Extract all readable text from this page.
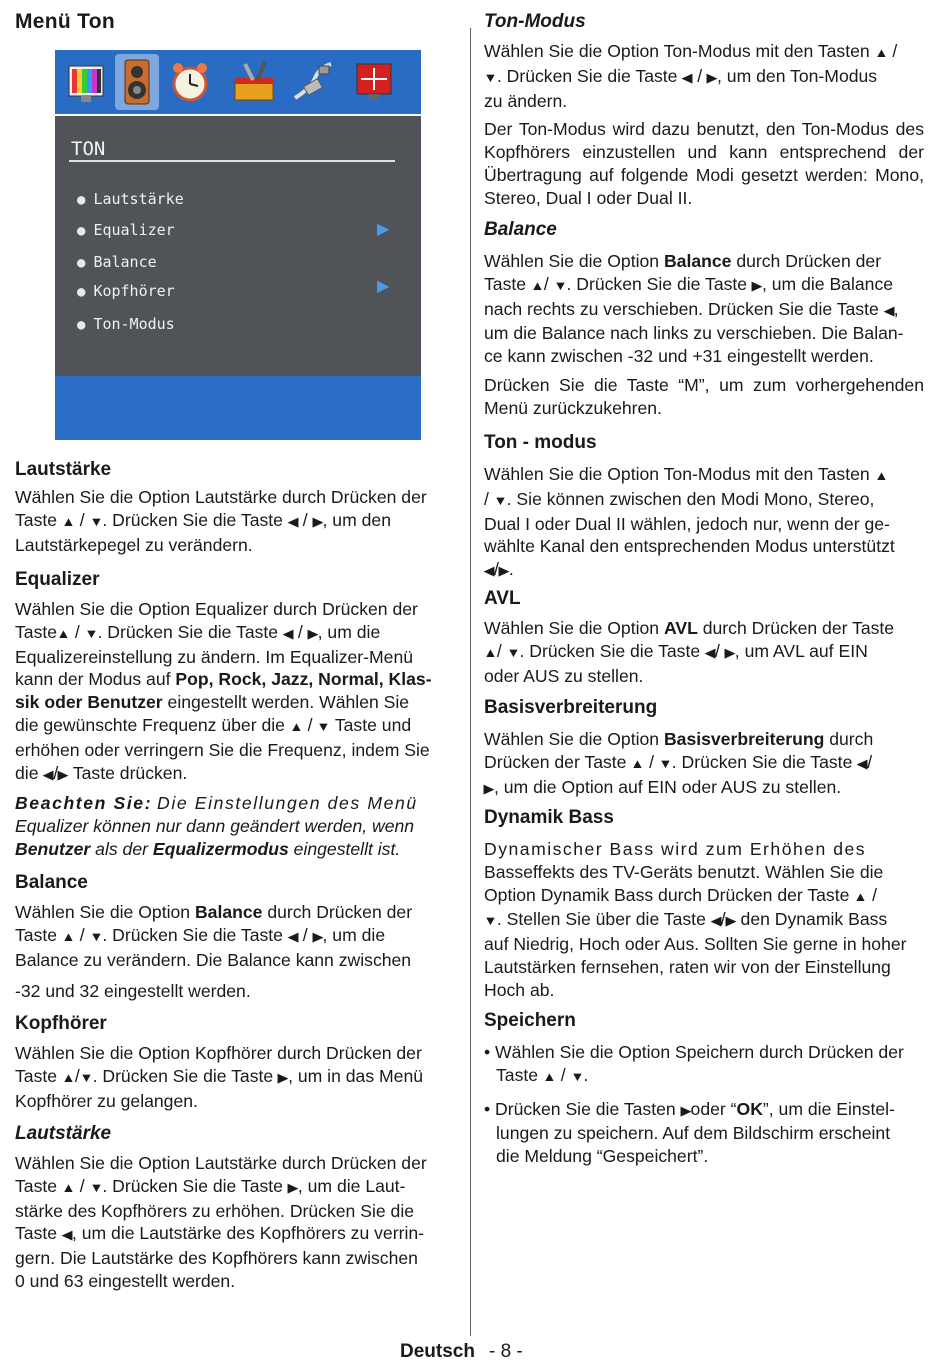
Menü Ton
TON
● Lautstärke
● Equalizer	▶
● Balance
● Kopfhörer	▶
● Ton-Modus
Lautstärke

Wählen Sie die Option Lautstärke durch Drücken der
Taste ▲ / ▼. Drücken Sie die Taste ◀ / ▶, um den
Lautstärkepegel zu verändern.

Equalizer

Wählen Sie die Option Equalizer durch Drücken der
Taste▲ / ▼. Drücken Sie die Taste ◀ / ▶, um die
Equalizereinstellung zu ändern. Im Equalizer-Menü
kann der Modus auf Pop, Rock, Jazz, Normal, Klas-
sik oder Benutzer eingestellt werden. Wählen Sie
die gewünschte Frequenz über die ▲ / ▼ Taste und
erhöhen oder verringern Sie die Frequenz, indem Sie
die ◀/▶ Taste drücken.

Beachten Sie: Die Einstellungen des Menü
Equalizer können nur dann geändert werden, wenn
Benutzer als der Equalizermodus eingestellt ist.

Balance

Wählen Sie die Option Balance durch Drücken der
Taste ▲ / ▼. Drücken Sie die Taste ◀ / ▶, um die
Balance zu verändern. Die Balance kann zwischen

-32 und 32 eingestellt werden.

Kopfhörer

Wählen Sie die Option Kopfhörer durch Drücken der
Taste ▲/▼. Drücken Sie die Taste ▶, um in das Menü
Kopfhörer zu gelangen.

Lautstärke

Wählen Sie die Option Lautstärke durch Drücken der
Taste ▲ / ▼. Drücken Sie die Taste ▶, um die Laut-
stärke des Kopfhörers zu erhöhen. Drücken Sie die
Taste ◀, um die Lautstärke des Kopfhörers zu verrin-
gern. Die Lautstärke des Kopfhörers kann zwischen
0 und 63 eingestellt werden.

Ton-Modus

Wählen Sie die Option Ton-Modus mit den Tasten ▲ /
▼. Drücken Sie die Taste ◀ / ▶, um den Ton-Modus
zu ändern.

Der Ton-Modus wird dazu benutzt, den Ton-Modus des Kopfhörers einzustellen und kann entsprechend der Übertragung auf folgende Modi gesetzt werden: Mono, Stereo, Dual I oder Dual II.

Balance

Wählen Sie die Option Balance durch Drücken der
Taste ▲/ ▼. Drücken Sie die Taste ▶, um die Balance
nach rechts zu verschieben. Drücken Sie die Taste ◀,
um die Balance nach links zu verschieben. Die Balan-
ce kann zwischen -32 und +31 eingestellt werden.

Drücken Sie die Taste “M”, um zum vorhergehenden Menü zurückzukehren.

Ton - modus

Wählen Sie die Option Ton-Modus mit den Tasten ▲
/ ▼. Sie können zwischen den Modi Mono, Stereo,
Dual I oder Dual II wählen, jedoch nur, wenn der ge-
wählte Kanal den entsprechenden Modus unterstützt
◀/▶.

AVL

Wählen Sie die Option AVL durch Drücken der Taste
▲/ ▼. Drücken Sie die Taste ◀/ ▶, um AVL auf EIN
oder AUS zu stellen.

Basisverbreiterung

Wählen Sie die Option Basisverbreiterung durch
Drücken der Taste ▲ / ▼. Drücken Sie die Taste ◀/
▶, um die Option auf EIN oder AUS zu stellen.

Dynamik Bass

Dynamischer Bass wird zum Erhöhen des
Basseffekts des TV-Geräts benutzt. Wählen Sie die
Option Dynamik Bass durch Drücken der Taste ▲ /
▼. Stellen Sie über die Taste ◀/▶ den Dynamik Bass
auf Niedrig, Hoch oder Aus. Sollten Sie gerne in hoher
Lautstärken fernsehen, raten wir von der Einstellung
Hoch ab.

Speichern

• Wählen Sie die Option Speichern durch Drücken der
Taste ▲ / ▼.

• Drücken Sie die Tasten ▶oder “OK”, um die Einstel-
lungen zu speichern. Auf dem Bildschirm erscheint
die Meldung “Gespeichert”.

Deutsch - 8 -
